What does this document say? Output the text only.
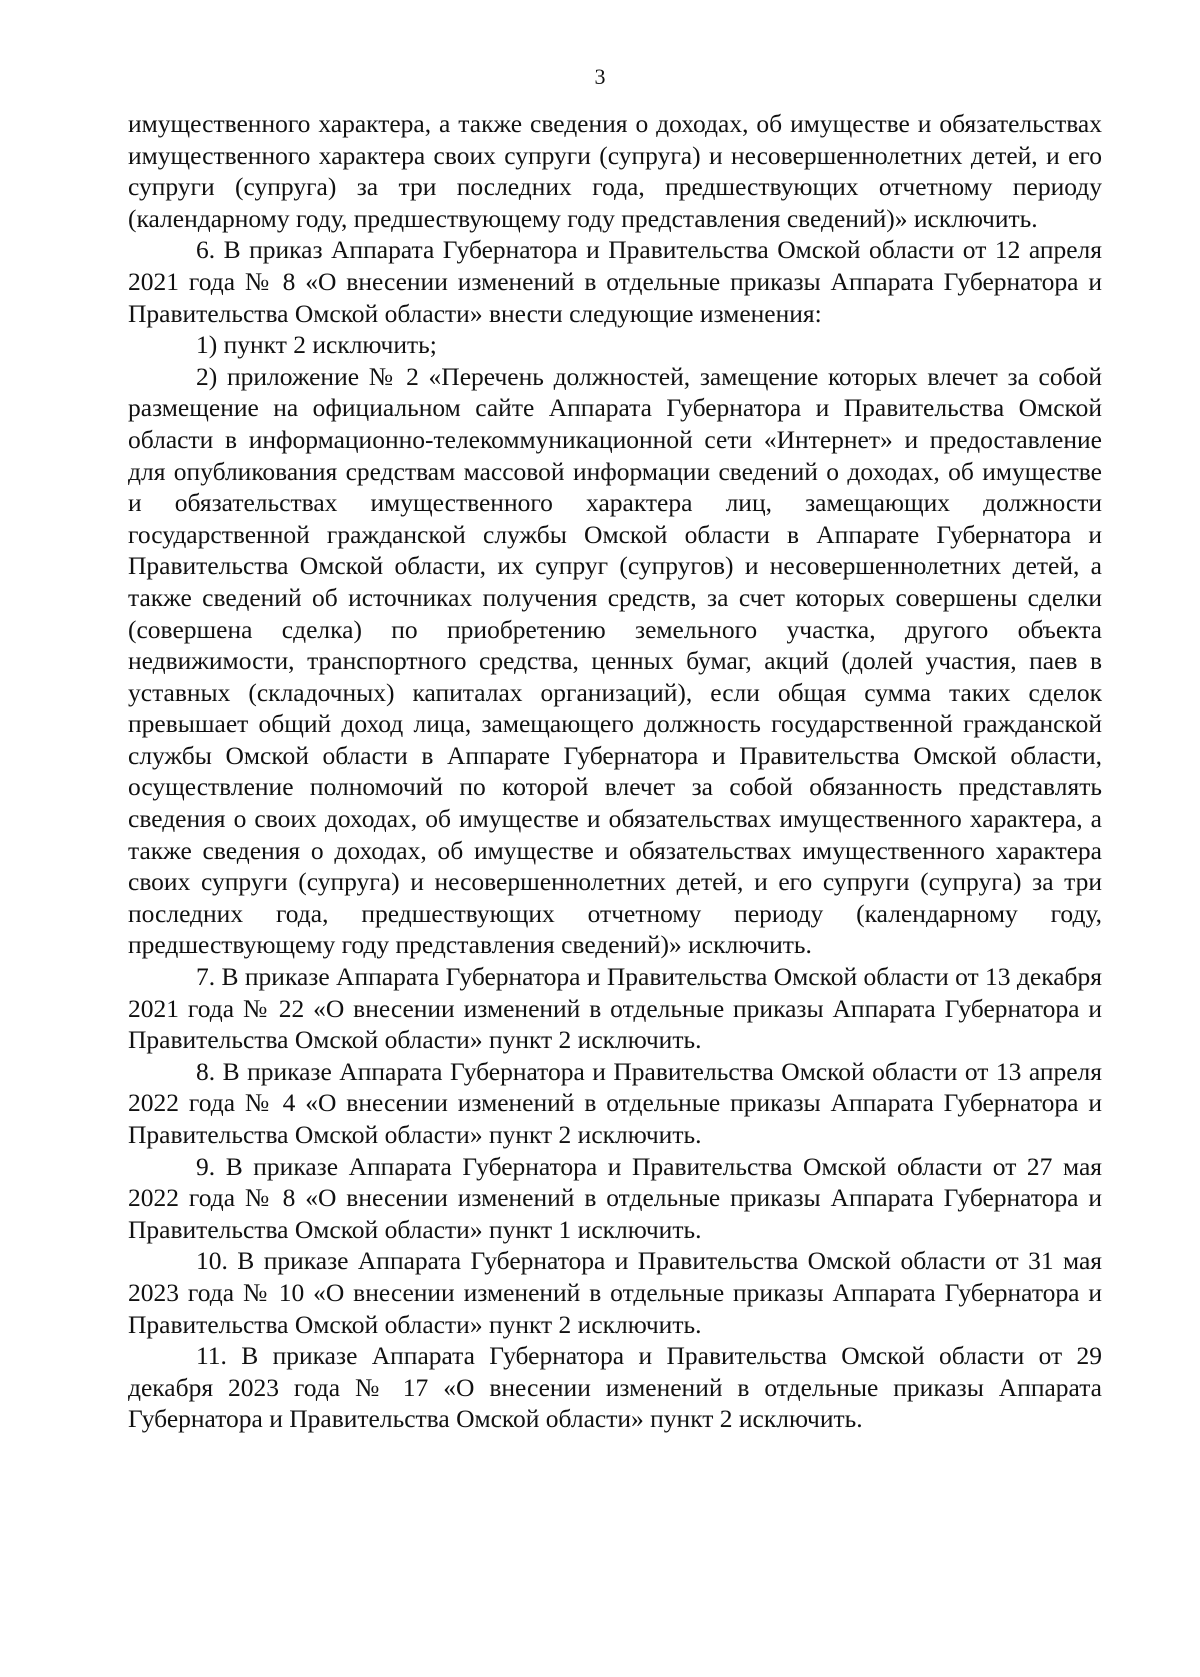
3

имущественного характера, а также сведения о доходах, об имуществе и обязательствах имущественного характера своих супруги (супруга) и несовершеннолетних детей, и его супруги (супруга) за три последних года, предшествующих отчетному периоду (календарному году, предшествующему году представления сведений)» исключить.

6. В приказ Аппарата Губернатора и Правительства Омской области от 12 апреля 2021 года № 8 «О внесении изменений в отдельные приказы Аппарата Губернатора и Правительства Омской области» внести следующие изменения:

1) пункт 2 исключить;

2) приложение № 2 «Перечень должностей, замещение которых влечет за собой размещение на официальном сайте Аппарата Губернатора и Правительства Омской области в информационно-телекоммуникационной сети «Интернет» и предоставление для опубликования средствам массовой информации сведений о доходах, об имуществе и обязательствах имущественного характера лиц, замещающих должности государственной гражданской службы Омской области в Аппарате Губернатора и Правительства Омской области, их супруг (супругов) и несовершеннолетних детей, а также сведений об источниках получения средств, за счет которых совершены сделки (совершена сделка) по приобретению земельного участка, другого объекта недвижимости, транспортного средства, ценных бумаг, акций (долей участия, паев в уставных (складочных) капиталах организаций), если общая сумма таких сделок превышает общий доход лица, замещающего должность государственной гражданской службы Омской области в Аппарате Губернатора и Правительства Омской области, осуществление полномочий по которой влечет за собой обязанность представлять сведения о своих доходах, об имуществе и обязательствах имущественного характера, а также сведения о доходах, об имуществе и обязательствах имущественного характера своих супруги (супруга) и несовершеннолетних детей, и его супруги (супруга) за три последних года, предшествующих отчетному периоду (календарному году, предшествующему году представления сведений)» исключить.

7. В приказе Аппарата Губернатора и Правительства Омской области от 13 декабря 2021 года № 22 «О внесении изменений в отдельные приказы Аппарата Губернатора и Правительства Омской области» пункт 2 исключить.

8. В приказе Аппарата Губернатора и Правительства Омской области от 13 апреля 2022 года № 4 «О внесении изменений в отдельные приказы Аппарата Губернатора и Правительства Омской области» пункт 2 исключить.

9. В приказе Аппарата Губернатора и Правительства Омской области от 27 мая 2022 года № 8 «О внесении изменений в отдельные приказы Аппарата Губернатора и Правительства Омской области» пункт 1 исключить.

10. В приказе Аппарата Губернатора и Правительства Омской области от 31 мая 2023 года № 10 «О внесении изменений в отдельные приказы Аппарата Губернатора и Правительства Омской области» пункт 2 исключить.

11. В приказе Аппарата Губернатора и Правительства Омской области от 29 декабря 2023 года № 17 «О внесении изменений в отдельные приказы Аппарата Губернатора и Правительства Омской области» пункт 2 исключить.
